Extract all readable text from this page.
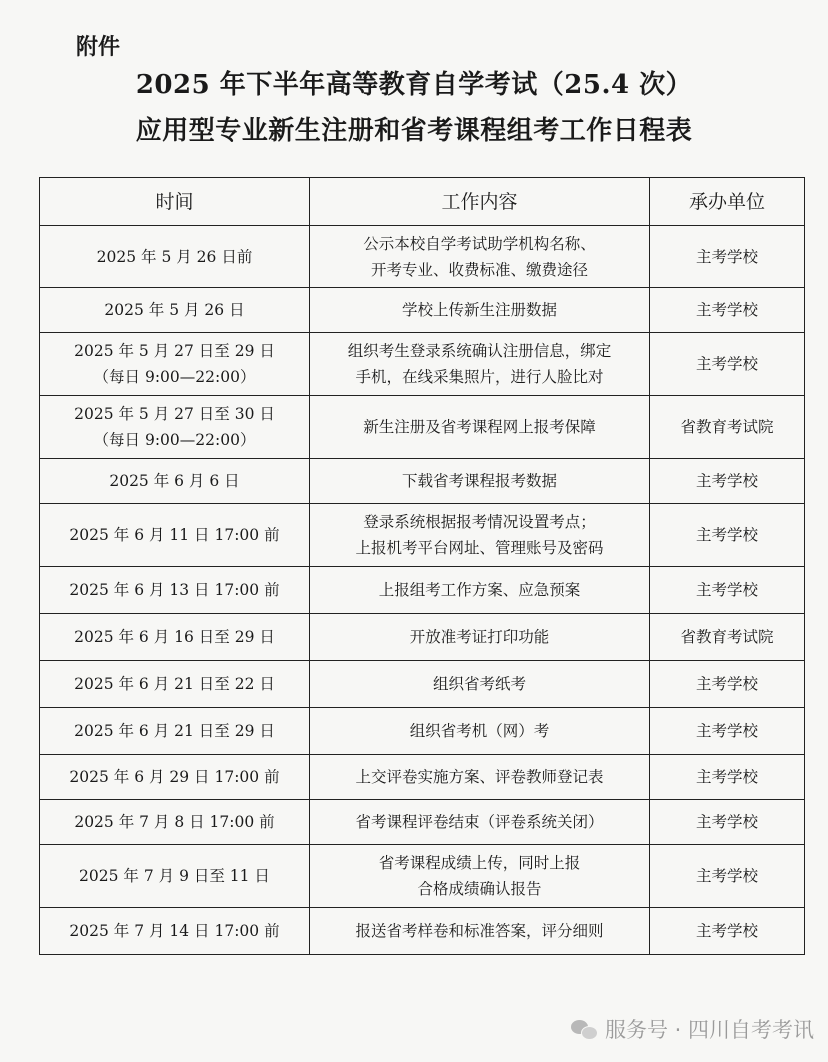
附件
2025 年下半年高等教育自学考试（25.4 次）
应用型专业新生注册和省考课程组考工作日程表
时间	工作内容	承办单位

2025 年 5 月 26 日前	公示本校自学考试助学机构名称、
开考专业、收费标准、缴费途径	主考学校

2025 年 5 月 26 日	学校上传新生注册数据	主考学校

2025 年 5 月 27 日至 29 日
（每日 9:00—22:00）	组织考生登录系统确认注册信息，绑定
手机，在线采集照片，进行人脸比对	主考学校

2025 年 5 月 27 日至 30 日
（每日 9:00—22:00）	新生注册及省考课程网上报考保障	省教育考试院

2025 年 6 月 6 日	下载省考课程报考数据	主考学校

2025 年 6 月 11 日 17:00 前	登录系统根据报考情况设置考点；
上报机考平台网址、管理账号及密码	主考学校

2025 年 6 月 13 日 17:00 前	上报组考工作方案、应急预案	主考学校

2025 年 6 月 16 日至 29 日	开放准考证打印功能	省教育考试院

2025 年 6 月 21 日至 22 日	组织省考纸考	主考学校

2025 年 6 月 21 日至 29 日	组织省考机（网）考	主考学校

2025 年 6 月 29 日 17:00 前	上交评卷实施方案、评卷教师登记表	主考学校

2025 年 7 月 8 日 17:00 前	省考课程评卷结束（评卷系统关闭）	主考学校

2025 年 7 月 9 日至 11 日	省考课程成绩上传，同时上报
合格成绩确认报告	主考学校

2025 年 7 月 14 日 17:00 前	报送省考样卷和标准答案，评分细则	主考学校
服务号 · 四川自考考讯
